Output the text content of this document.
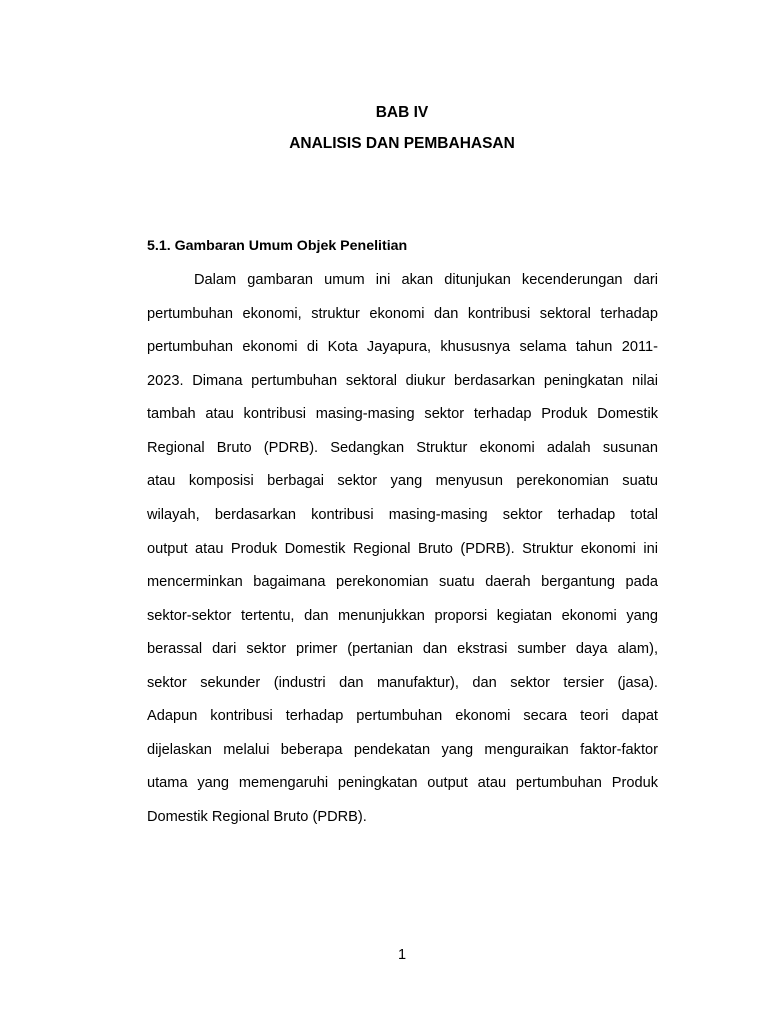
BAB IV
ANALISIS DAN PEMBAHASAN
5.1. Gambaran Umum Objek Penelitian
Dalam gambaran umum ini akan ditunjukan kecenderungan dari
pertumbuhan ekonomi, struktur ekonomi dan kontribusi sektoral terhadap
pertumbuhan ekonomi di Kota Jayapura, khususnya selama tahun 2011-
2023. Dimana pertumbuhan sektoral diukur berdasarkan peningkatan nilai
tambah atau kontribusi masing-masing sektor terhadap Produk Domestik
Regional Bruto (PDRB). Sedangkan Struktur ekonomi adalah susunan
atau komposisi berbagai sektor yang menyusun perekonomian suatu
wilayah, berdasarkan kontribusi masing-masing sektor terhadap total
output atau Produk Domestik Regional Bruto (PDRB). Struktur ekonomi ini
mencerminkan bagaimana perekonomian suatu daerah bergantung pada
sektor-sektor tertentu, dan menunjukkan proporsi kegiatan ekonomi yang
berassal dari sektor primer (pertanian dan ekstrasi sumber daya alam),
sektor sekunder (industri dan manufaktur), dan sektor tersier (jasa).
Adapun kontribusi terhadap pertumbuhan ekonomi secara teori dapat
dijelaskan melalui beberapa pendekatan yang menguraikan faktor-faktor
utama yang memengaruhi peningkatan output atau pertumbuhan Produk
Domestik Regional Bruto (PDRB).
1
